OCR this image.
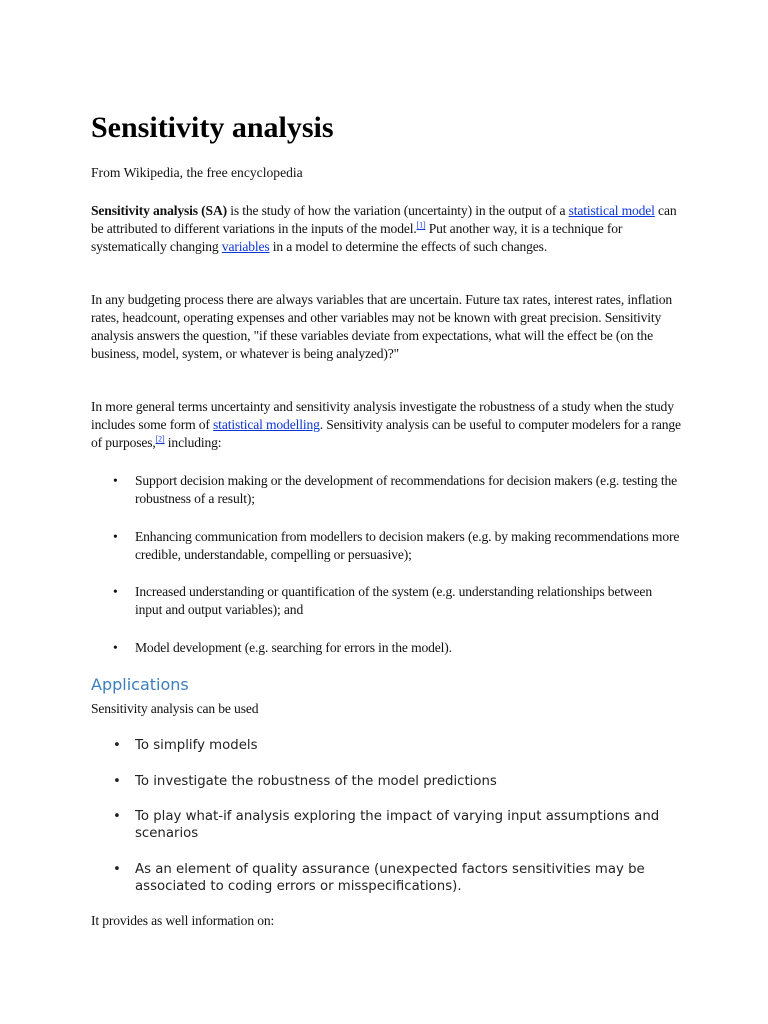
Sensitivity analysis
From Wikipedia, the free encyclopedia

Sensitivity analysis (SA) is the study of how the variation (uncertainty) in the output of a statistical model can be attributed to different variations in the inputs of the model.[1] Put another way, it is a technique for systematically changing variables in a model to determine the effects of such changes.

In any budgeting process there are always variables that are uncertain. Future tax rates, interest rates, inflation rates, headcount, operating expenses and other variables may not be known with great precision. Sensitivity analysis answers the question, "if these variables deviate from expectations, what will the effect be (on the business, model, system, or whatever is being analyzed)?"

In more general terms uncertainty and sensitivity analysis investigate the robustness of a study when the study includes some form of statistical modelling. Sensitivity analysis can be useful to computer modelers for a range of purposes,[2] including:

• Support decision making or the development of recommendations for decision makers (e.g. testing the robustness of a result);
• Enhancing communication from modellers to decision makers (e.g. by making recommendations more credible, understandable, compelling or persuasive);
• Increased understanding or quantification of the system (e.g. understanding relationships between input and output variables); and
• Model development (e.g. searching for errors in the model).
Applications

Sensitivity analysis can be used

• To simplify models
• To investigate the robustness of the model predictions
• To play what-if analysis exploring the impact of varying input assumptions and scenarios
• As an element of quality assurance (unexpected factors sensitivities may be associated to coding errors or misspecifications).

It provides as well information on:
